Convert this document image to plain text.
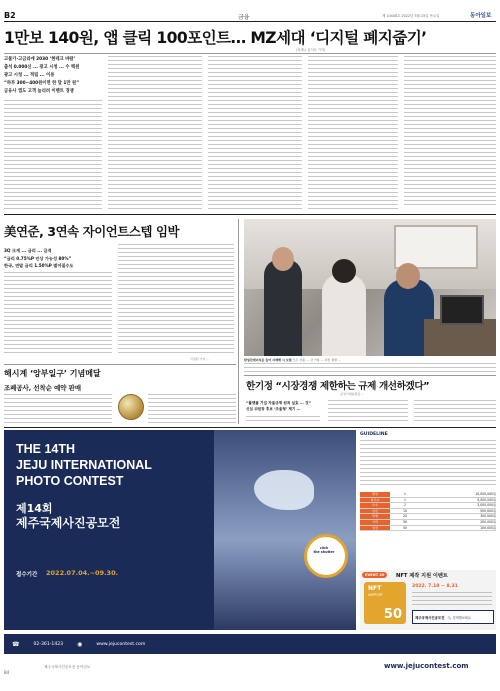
B2	금융	제 10408호 2022년 5월 25일 목요일	동아일보
1만보 140원, 앱 클릭 100포인트… MZ세대 ‘디지털 폐지줍기’
(정세나 홍석호 기자)
고물가·고금리에 2030 ‘현테크 바람’
출석 0.000신 ... 광고 시청 ... 수 백원
광고 시청 ... 적립 ... 이용
“하루 300~400원이면 한 달 1만 원”
금융사 앱도 고객 늘리려 이벤트 경쟁
美연준, 3연속 자이언트스텝 임박
3Q 크게 ... 금리 ... 급격
“금리 0.75%P 인상 가능성 80%”
한국, 연말 금리 1.50%P 벌어질수도
서정원 기자 ...	한성진에너지를 들어 사례해 시 보험 모두 사용 ... 금 기록 ... 사진 설명 ...
한기정 “시장경쟁 제한하는 규제 개선하겠다”
공정거래위원장 ...
“플랫폼 기업 자율규제 원칙 실효 ... 것”
신임 위원장 후보 ‘조율형’ 제기 ...
해시계 ‘앙부일구’ 기념메달
조폐공사, 선착순 예약 판매
click
the shutter
THE 14TH
JEJU INTERNATIONAL
PHOTO CONTEST
제14회
제주국제사진공모전
접수기간 2022.07.04.~09.30.
GUIDELINE
대상	1	10,000,000원
최우수	1	5,000,000원
우수	2	3,000,000원
입선	10	500,000원
특별	20	300,000원
가작	30	200,000원
입선	50	100,000원
EVENT 20	NFT 제작 지원 이벤트
NFT
SUPPORT
50
2022. 7.18 ~ 8.31
제주국제사진공모전 🔍 검색해보세요
☎	02-361-1423 ◉	www.jejucontest.com
www.jejucontest.com
제주국제사진공모전 동아일보
B4
